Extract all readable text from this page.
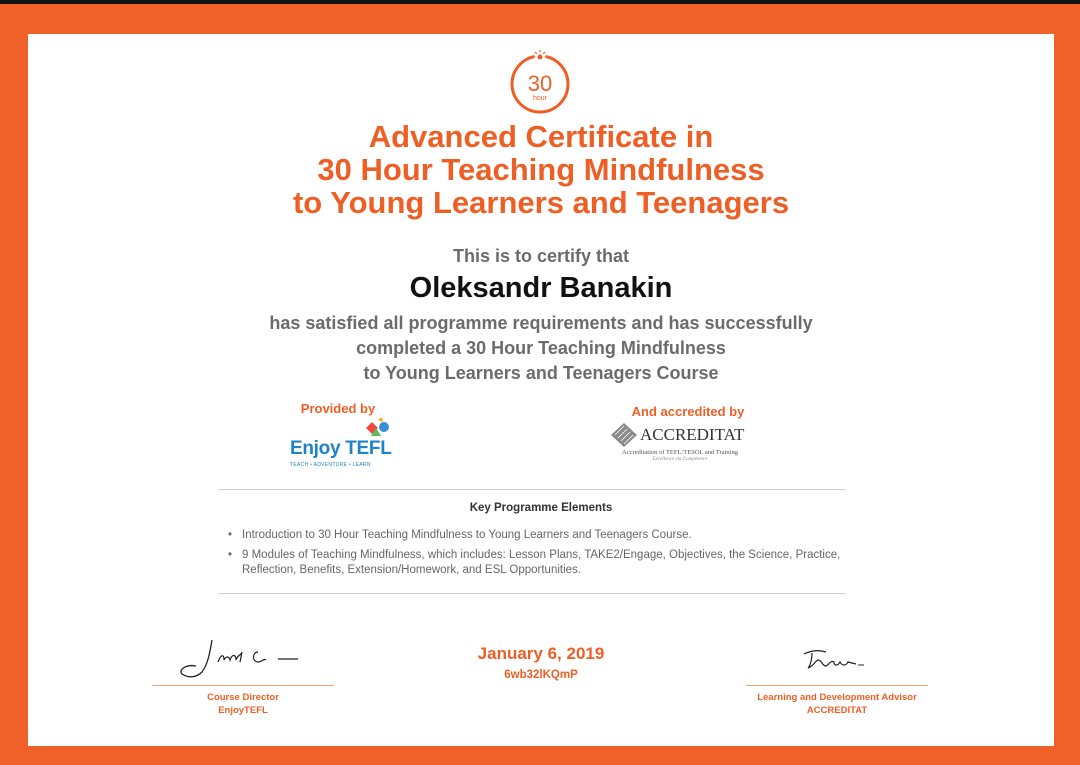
30
hour
Advanced Certificate in
30 Hour Teaching Mindfulness
to Young Learners and Teenagers
This is to certify that
Oleksandr Banakin
has satisfied all programme requirements and has successfully
completed a 30 Hour Teaching Mindfulness
to Young Learners and Teenagers Course
Provided by
Enjoy TEFL
TEACH • ADVENTURE • LEARN
And accredited by
ACCREDITAT
Accreditation of TEFL/TESOL and Training
Excellence via Competence
Key Programme Elements
• Introduction to 30 Hour Teaching Mindfulness to Young Learners and Teenagers Course.
• 9 Modules of Teaching Mindfulness, which includes: Lesson Plans, TAKE2/Engage, Objectives, the Science, Practice, Reflection, Benefits, Extension/Homework, and ESL Opportunities.
January 6, 2019
6wb32lKQmP
Course Director
EnjoyTEFL
Learning and Development Advisor
ACCREDITAT
